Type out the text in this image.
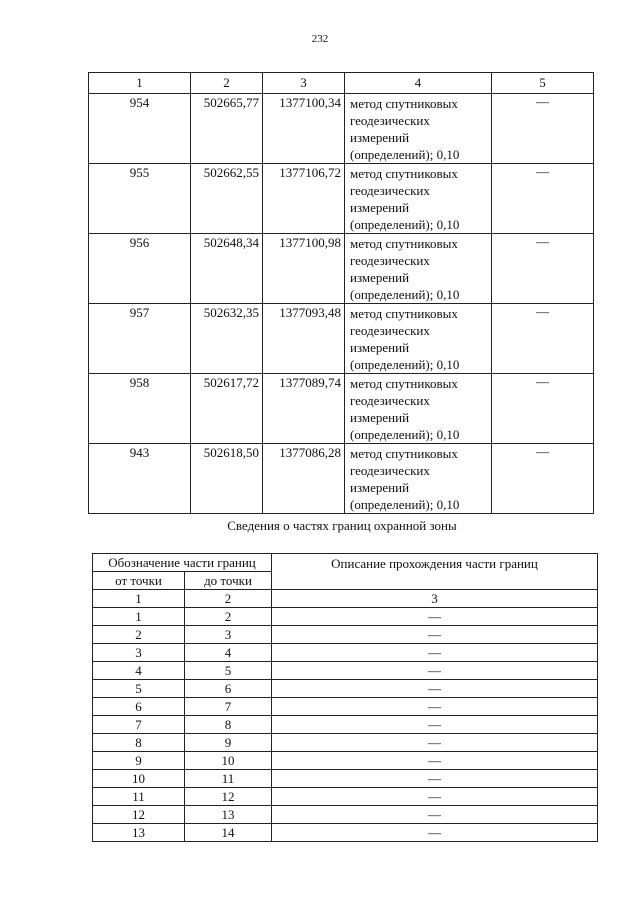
232
1	2	3	4	5
954	502665,77	1377100,34	метод спутниковых геодезических измерений (определений); 0,10	—
955	502662,55	1377106,72	метод спутниковых геодезических измерений (определений); 0,10	—
956	502648,34	1377100,98	метод спутниковых геодезических измерений (определений); 0,10	—
957	502632,35	1377093,48	метод спутниковых геодезических измерений (определений); 0,10	—
958	502617,72	1377089,74	метод спутниковых геодезических измерений (определений); 0,10	—
943	502618,50	1377086,28	метод спутниковых геодезических измерений (определений); 0,10	—
Сведения о частях границ охранной зоны
Обозначение части границ		Описание прохождения части границ
от точки	до точки	
1	2	3
1	2	—
2	3	—
3	4	—
4	5	—
5	6	—
6	7	—
7	8	—
8	9	—
9	10	—
10	11	—
11	12	—
12	13	—
13	14	—
